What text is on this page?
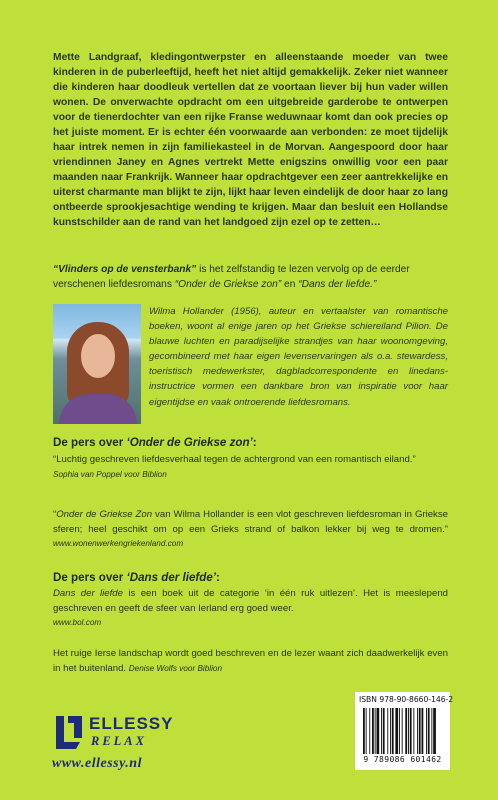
Mette Landgraaf, kledingontwerpster en alleenstaande moeder van twee kinderen in de puberleeftijd, heeft het niet altijd gemakkelijk. Zeker niet wanneer die kinderen haar doodleuk vertellen dat ze voortaan liever bij hun vader willen wonen. De onverwachte opdracht om een uitgebreide garderobe te ontwerpen voor de tienerdochter van een rijke Franse weduwnaar komt dan ook precies op het juiste moment. Er is echter één voorwaarde aan verbonden: ze moet tijdelijk haar intrek nemen in zijn familiekasteel in de Morvan. Aangespoord door haar vriendinnen Janey en Agnes vertrekt Mette enigszins onwillig voor een paar maanden naar Frankrijk. Wanneer haar opdrachtgever een zeer aantrekkelijke en uiterst charmante man blijkt te zijn, lijkt haar leven eindelijk de door haar zo lang ontbeerde sprookjesachtige wending te krijgen. Maar dan besluit een Hollandse kunstschilder aan de rand van het landgoed zijn ezel op te zetten…

“Vlinders op de vensterbank” is het zelfstandig te lezen vervolg op de eerder verschenen liefdesromans “Onder de Griekse zon” en “Dans der liefde.”

Wilma Hollander (1956), auteur en vertaalster van romantische boeken, woont al enige jaren op het Griekse schiereiland Pilion. De blauwe luchten en paradijselijke strandjes van haar woonomgeving, gecombineerd met haar eigen levenservaringen als o.a. stewardess, toeristisch medewerkster, dagbladcorrespondente en linedans-instructrice vormen een dankbare bron van inspiratie voor haar eigentijdse en vaak ontroerende liefdesromans.

De pers over ‘Onder de Griekse zon’:

“Luchtig geschreven liefdesverhaal tegen de achtergrond van een romantisch eiland.”
Sophia van Poppel voor Biblion

“Onder de Griekse Zon van Wilma Hollander is een vlot geschreven liefdesroman in Griekse sferen; heel geschikt om op een Grieks strand of balkon lekker bij weg te dromen.” www.wonenwerkengriekenland.com

De pers over ‘Dans der liefde’:

Dans der liefde is een boek uit de categorie ‘in één ruk uitlezen’. Het is meeslepend geschreven en geeft de sfeer van Ierland erg goed weer.
www.bol.com

Het ruige Ierse landschap wordt goed beschreven en de lezer waant zich daadwerkelijk even in het buitenland. Denise Wolfs voor Biblion

ISBN 978-90-8660-146-2
9 789086 601462
ELLESSY
RELAX
www.ellessy.nl
